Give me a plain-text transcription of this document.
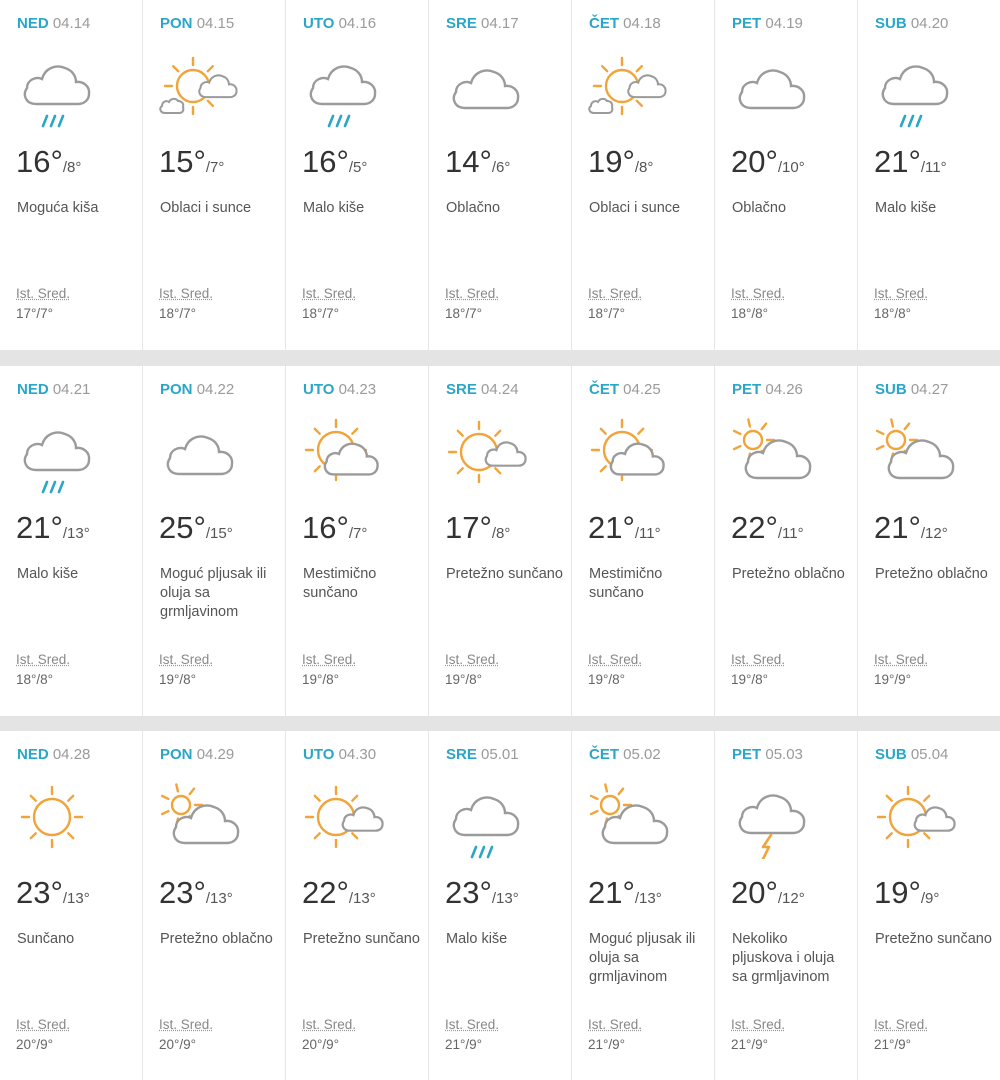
NED 04.14
16°/8°
Moguća kiša
Ist. Sred.
17°/7°
PON 04.15
15°/7°
Oblaci i sunce
Ist. Sred.
18°/7°
UTO 04.16
16°/5°
Malo kiše
Ist. Sred.
18°/7°
SRE 04.17
14°/6°
Oblačno
Ist. Sred.
18°/7°
ČET 04.18
19°/8°
Oblaci i sunce
Ist. Sred.
18°/7°
PET 04.19
20°/10°
Oblačno
Ist. Sred.
18°/8°
SUB 04.20
21°/11°
Malo kiše
Ist. Sred.
18°/8°
NED 04.21
21°/13°
Malo kiše
Ist. Sred.
18°/8°
PON 04.22
25°/15°
Moguć pljusak ili oluja sa grmljavinom
Ist. Sred.
19°/8°
UTO 04.23
16°/7°
Mestimično sunčano
Ist. Sred.
19°/8°
SRE 04.24
17°/8°
Pretežno sunčano
Ist. Sred.
19°/8°
ČET 04.25
21°/11°
Mestimično sunčano
Ist. Sred.
19°/8°
PET 04.26
22°/11°
Pretežno oblačno
Ist. Sred.
19°/8°
SUB 04.27
21°/12°
Pretežno oblačno
Ist. Sred.
19°/9°
NED 04.28
23°/13°
Sunčano
Ist. Sred.
20°/9°
PON 04.29
23°/13°
Pretežno oblačno
Ist. Sred.
20°/9°
UTO 04.30
22°/13°
Pretežno sunčano
Ist. Sred.
20°/9°
SRE 05.01
23°/13°
Malo kiše
Ist. Sred.
21°/9°
ČET 05.02
21°/13°
Moguć pljusak ili oluja sa grmljavinom
Ist. Sred.
21°/9°
PET 05.03
20°/12°
Nekoliko pljuskova i oluja sa grmljavinom
Ist. Sred.
21°/9°
SUB 05.04
19°/9°
Pretežno sunčano
Ist. Sred.
21°/9°
